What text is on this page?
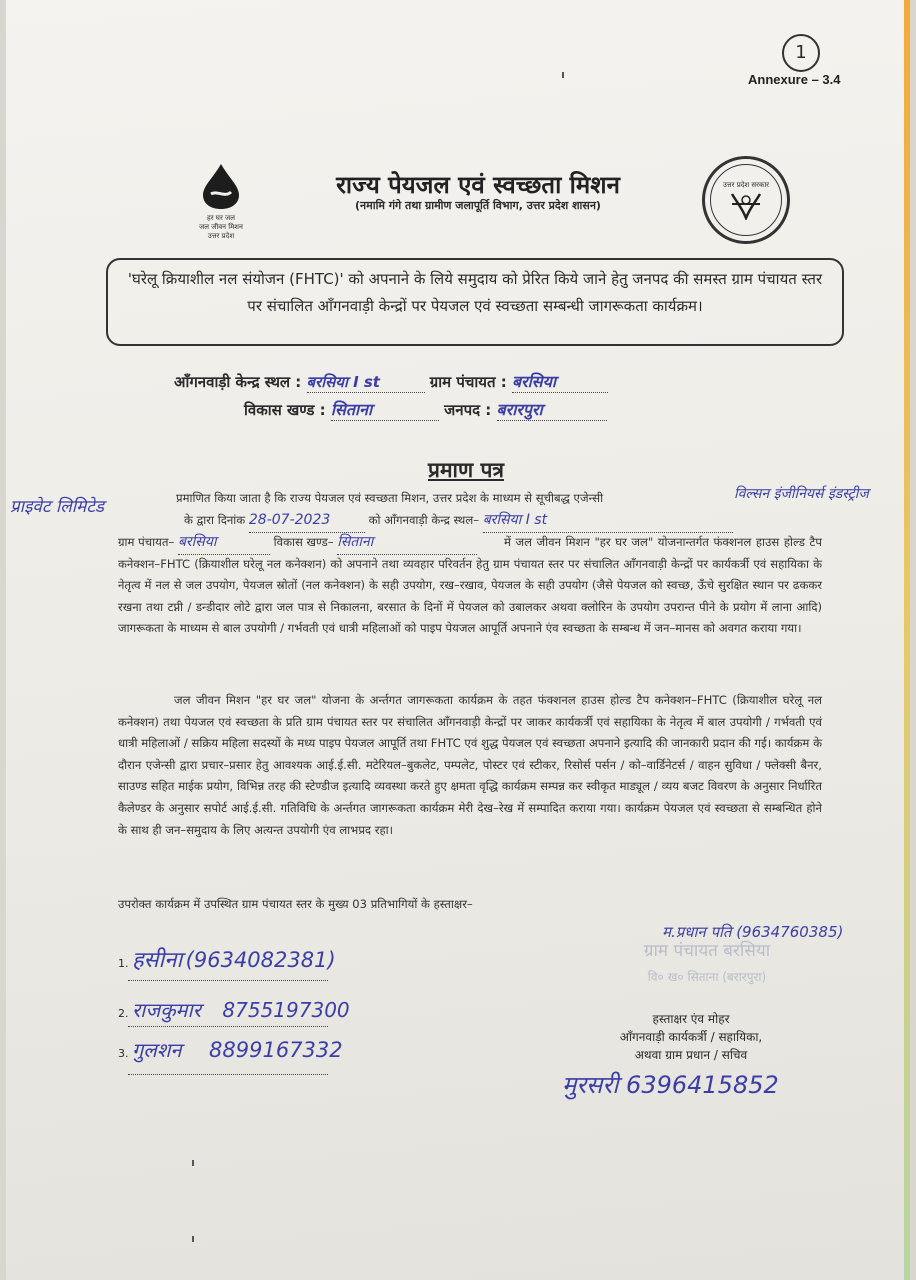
1
Annexure – 3.4
हर घर जल
जल जीवन मिशन
उत्तर प्रदेश
उत्तर प्रदेश सरकार
राज्य पेयजल एवं स्वच्छता मिशन
(नमामि गंगे तथा ग्रामीण जलापूर्ति विभाग, उत्तर प्रदेश शासन)
'घरेलू क्रियाशील नल संयोजन (FHTC)' को अपनाने के लिये समुदाय को प्रेरित किये जाने हेतु जनपद की समस्त ग्राम पंचायत स्तर पर संचालित आँगनवाड़ी केन्द्रों पर पेयजल एवं स्वच्छता सम्बन्धी जागरूकता कार्यक्रम।
आँगनवाड़ी केन्द्र स्थल : बरसिया I st	ग्राम पंचायत : बरसिया
विकास खण्ड : सिताना	जनपद : बरारपुरा
प्रमाण पत्र
प्राइवेट लिमिटेड	प्रमाणित किया जाता है कि राज्य पेयजल एवं स्वच्छता मिशन, उत्तर प्रदेश के माध्यम से सूचीबद्ध एजेन्सी	विल्सन इंजीनियर्स इंडस्ट्रीज
के द्वारा दिनांक 28-07-2023	को आँगनवाड़ी केन्द्र स्थल– बरसिया I st
ग्राम पंचायत– बरसिया	विकास खण्ड– सिताना	में जल जीवन मिशन "हर घर जल" योजनान्तर्गत फंक्शनल हाउस होल्ड टैप कनेक्शन–FHTC (क्रियाशील घरेलू नल कनेक्शन) को अपनाने तथा व्यवहार परिवर्तन हेतु ग्राम पंचायत स्तर पर संचालित आँगनवाड़ी केन्द्रों पर कार्यकर्त्री एवं सहायिका के नेतृत्व में नल से जल उपयोग, पेयजल स्रोतों (नल कनेक्शन) के सही उपयोग, रख–रखाव, पेयजल के सही उपयोग (जैसे पेयजल को स्वच्छ, ऊँचे सुरक्षित स्थान पर ढककर रखना तथा टप्नी / डन्डीदार लोटे द्वारा जल पात्र से निकालना, बरसात के दिनों में पेयजल को उबालकर अथवा क्लोरिन के उपयोग उपरान्त पीने के प्रयोग में लाना आदि) जागरूकता के माध्यम से बाल उपयोगी / गर्भवती एवं धात्री महिलाओं को पाइप पेयजल आपूर्ति अपनाने एंव स्वच्छता के सम्बन्ध में जन–मानस को अवगत कराया गया।
जल जीवन मिशन "हर घर जल" योजना के अर्न्तगत जागरूकता कार्यक्रम के तहत फंक्शनल हाउस होल्ड टैप कनेक्शन–FHTC (क्रियाशील घरेलू नल कनेक्शन) तथा पेयजल एवं स्वच्छता के प्रति ग्राम पंचायत स्तर पर संचालित आँगनवाड़ी केन्द्रों पर जाकर कार्यकर्त्री एवं सहायिका के नेतृत्व में बाल उपयोगी / गर्भवती एवं धात्री महिलाओं / सक्रिय महिला सदस्यों के मध्य पाइप पेयजल आपूर्ति तथा FHTC एवं शुद्ध पेयजल एवं स्वच्छता अपनाने इत्यादि की जानकारी प्रदान की गई। कार्यक्रम के दौरान एजेन्सी द्वारा प्रचार–प्रसार हेतु आवश्यक आई.ई.सी. मटेरियल–बुकलेट, पम्पलेट, पोस्टर एवं स्टीकर, रिसोर्स पर्सन / को–वार्डिनेटर्स / वाहन सुविधा / फ्लेक्सी बैनर, साउण्ड सहित माईक प्रयोग, विभिन्न तरह की स्टेण्डीज इत्यादि व्यवस्था करते हुए क्षमता वृद्धि कार्यक्रम सम्पन्न कर स्वीकृत माड्यूल / व्यय बजट विवरण के अनुसार निर्धारित कैलेण्डर के अनुसार सपोर्ट आई.ई.सी. गतिविधि के अर्न्तगत जागरूकता कार्यक्रम मेरी देख–रेख में सम्पादित कराया गया। कार्यक्रम पेयजल एवं स्वच्छता से सम्बन्धित होने के साथ ही जन–समुदाय के लिए अत्यन्त उपयोगी एंव लाभप्रद रहा।
उपरोक्त कार्यक्रम में उपस्थित ग्राम पंचायत स्तर के मुख्य 03 प्रतिभागियों के हस्ताक्षर–
1. हसीना (9634082381)
2. राजकुमार 8755197300
3. गुलशन 8899167332
म.प्रधान पति (9634760385)
ग्राम पंचायत बरसिया
वि० ख० सिताना (बरारपुरा)
हस्ताक्षर एंव मोहर
आँगनवाड़ी कार्यकर्त्री / सहायिका,
अथवा ग्राम प्रधान / सचिव
मुरसरी 6396415852
